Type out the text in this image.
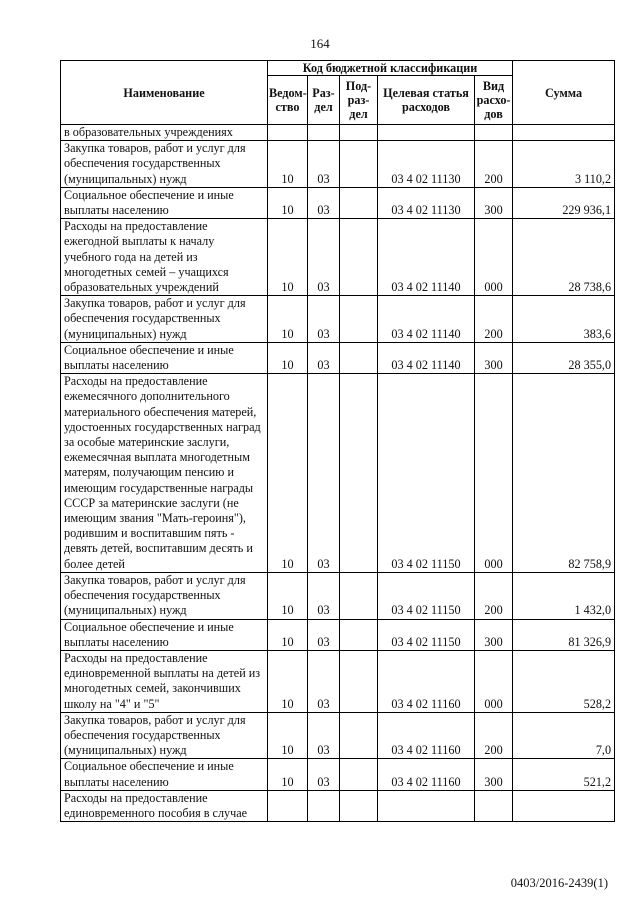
164
Наименование	Код бюджетной классификации					Сумма
	Ведом-ство	Раз-дел	Под-раз-дел	Целевая статья расходов	Вид расхо-дов	
в образовательных учреждениях						
Закупка товаров, работ и услуг для обеспечения государственных (муниципальных) нужд	10	03		03 4 02 11130	200	3 110,2
Социальное обеспечение и иные выплаты населению	10	03		03 4 02 11130	300	229 936,1
Расходы на предоставление ежегодной выплаты к началу учебного года на детей из многодетных семей – учащихся образовательных учреждений	10	03		03 4 02 11140	000	28 738,6
Закупка товаров, работ и услуг для обеспечения государственных (муниципальных) нужд	10	03		03 4 02 11140	200	383,6
Социальное обеспечение и иные выплаты населению	10	03		03 4 02 11140	300	28 355,0
Расходы на предоставление ежемесячного дополнительного материального обеспечения матерей, удостоенных государственных наград за особые материнские заслуги, ежемесячная выплата многодетным матерям, получающим пенсию и имеющим государственные награды СССР за материнские заслуги (не имеющим звания "Мать-героиня"), родившим и воспитавшим пять - девять детей, воспитавшим десять и более детей	10	03		03 4 02 11150	000	82 758,9
Закупка товаров, работ и услуг для обеспечения государственных (муниципальных) нужд	10	03		03 4 02 11150	200	1 432,0
Социальное обеспечение и иные выплаты населению	10	03		03 4 02 11150	300	81 326,9
Расходы на предоставление единовременной выплаты на детей из многодетных семей, закончивших школу на "4" и "5"	10	03		03 4 02 11160	000	528,2
Закупка товаров, работ и услуг для обеспечения государственных (муниципальных) нужд	10	03		03 4 02 11160	200	7,0
Социальное обеспечение и иные выплаты населению	10	03		03 4 02 11160	300	521,2
Расходы на предоставление единовременного пособия в случае						
0403/2016-2439(1)
